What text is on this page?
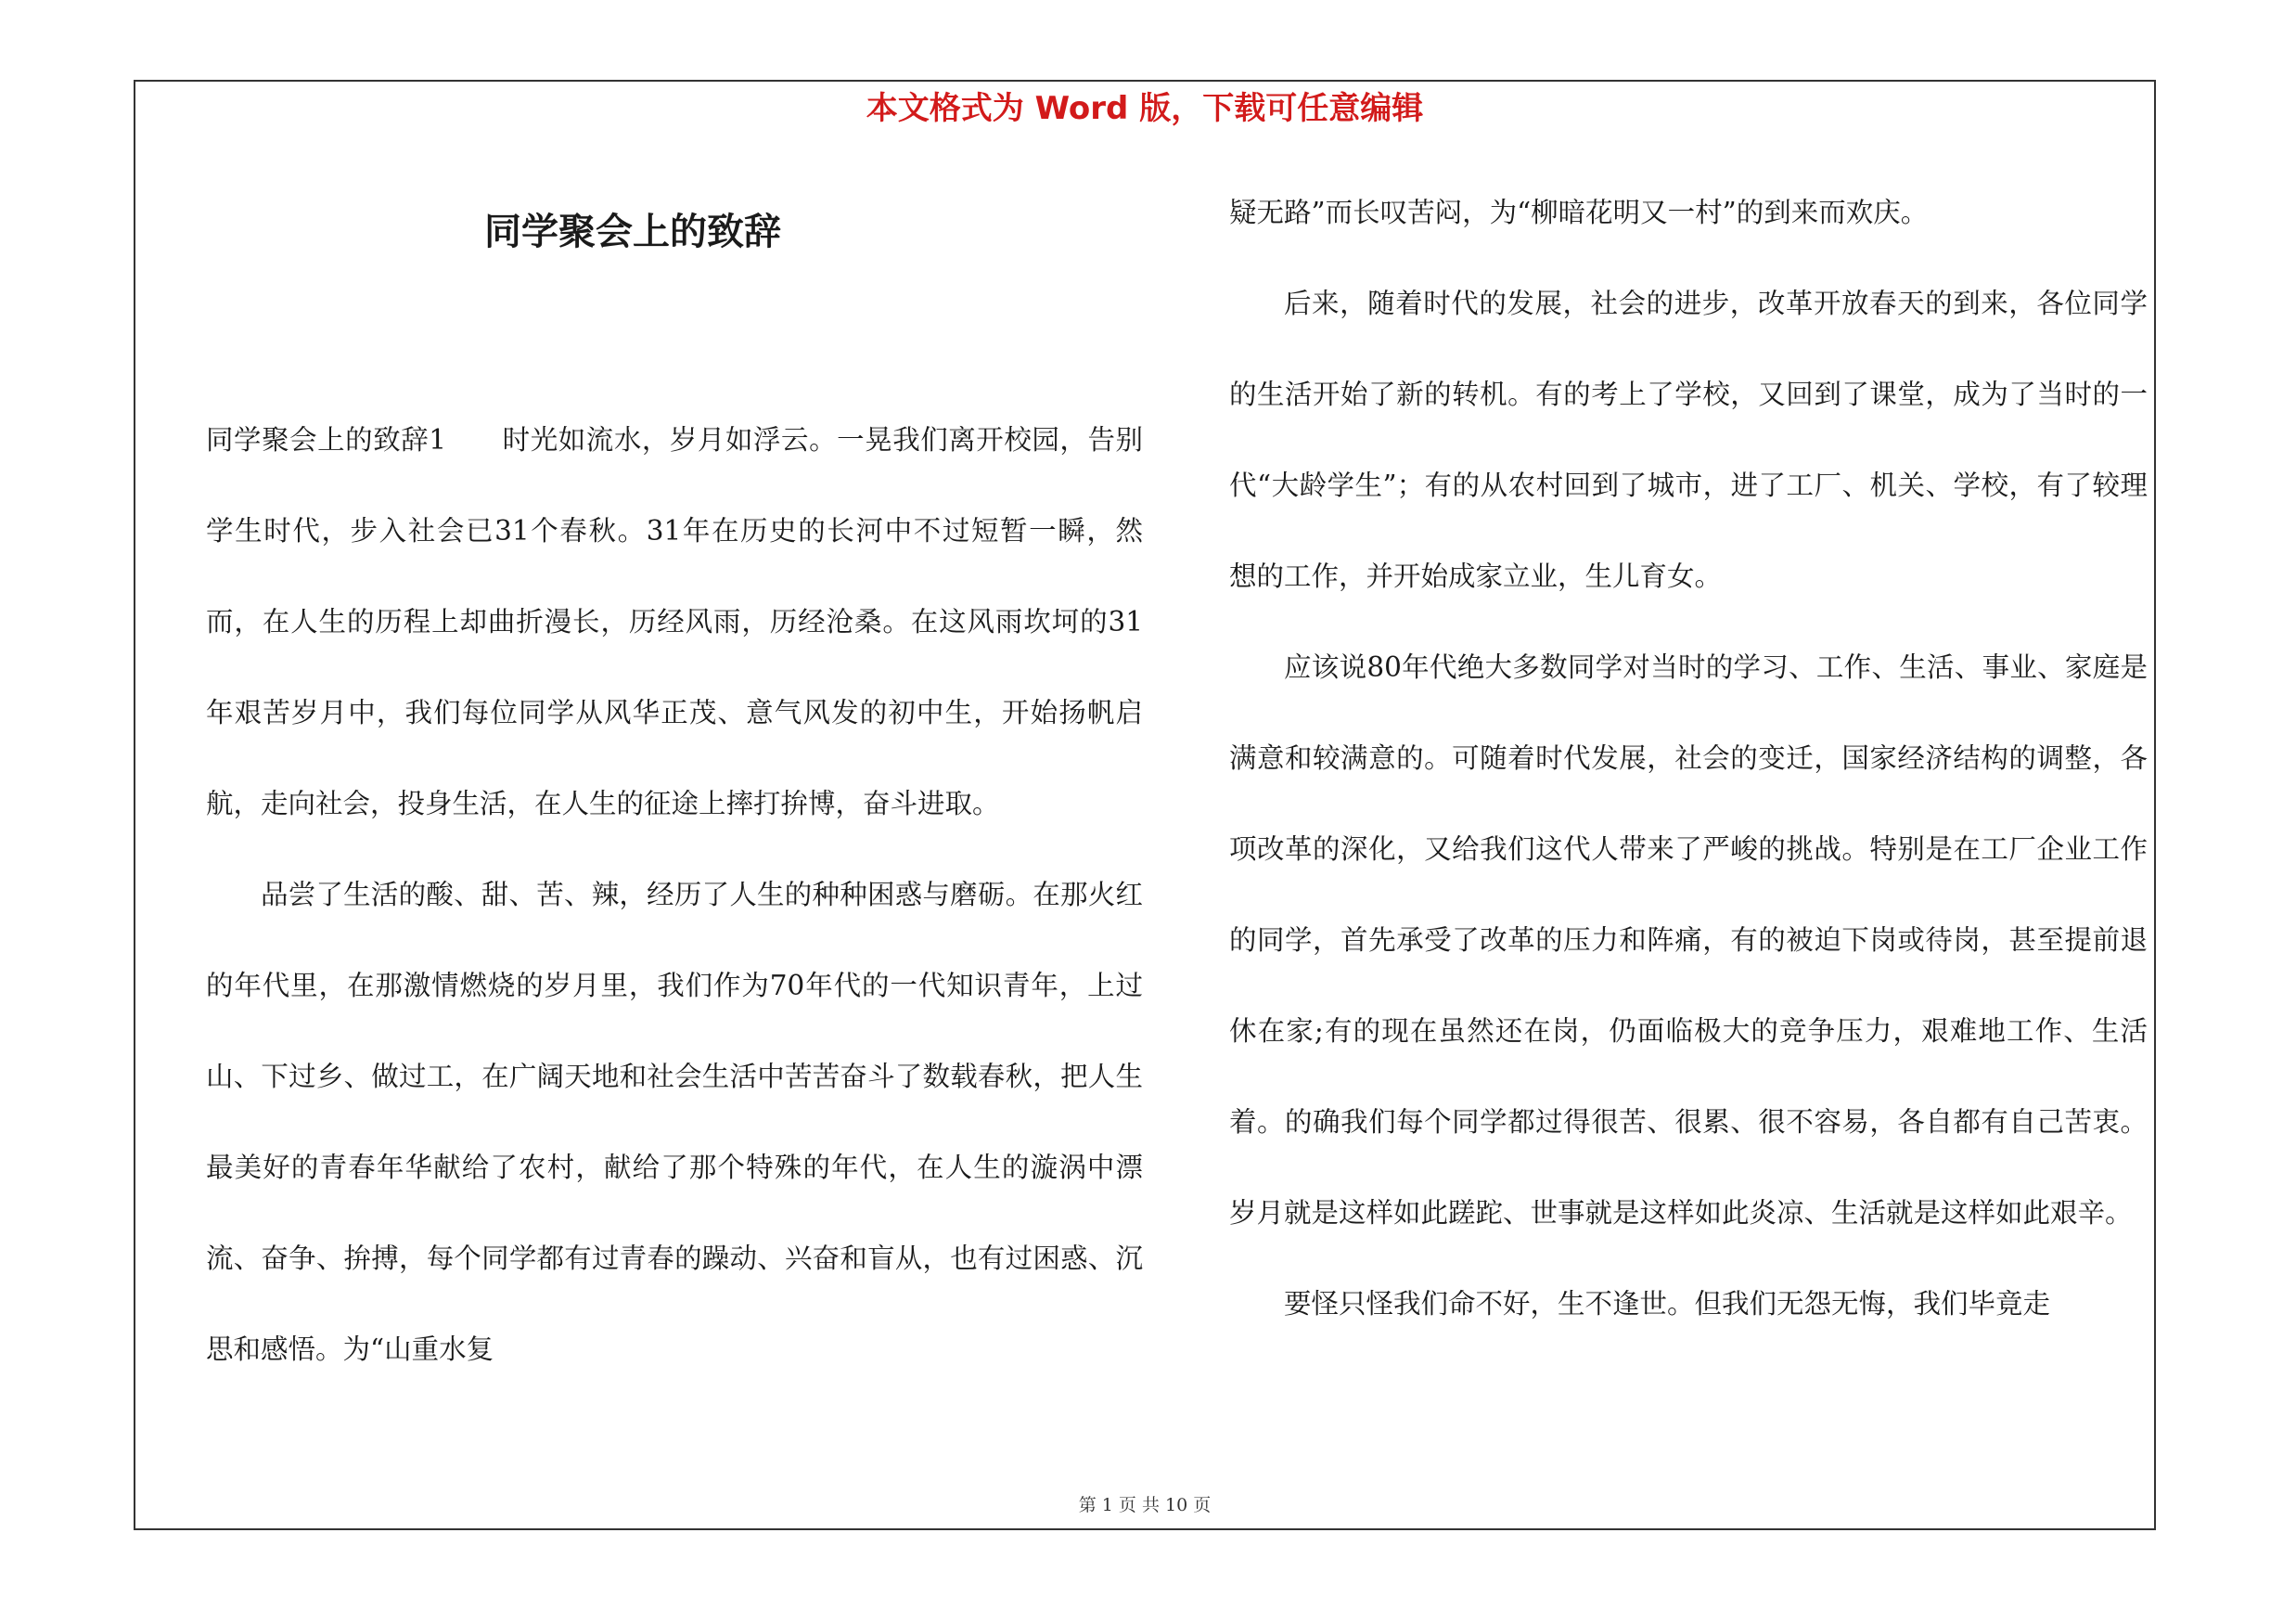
本文格式为 Word 版，下载可任意编辑
同学聚会上的致辞

同学聚会上的致辞1　　时光如流水，岁月如浮云。一晃我们离开校园，告别学生时代，步入社会已31个春秋。31年在历史的长河中不过短暂一瞬，然而，在人生的历程上却曲折漫长，历经风雨，历经沧桑。在这风雨坎坷的31年艰苦岁月中，我们每位同学从风华正茂、意气风发的初中生，开始扬帆启航，走向社会，投身生活，在人生的征途上摔打拚博，奋斗进取。

品尝了生活的酸、甜、苦、辣，经历了人生的种种困惑与磨砺。在那火红的年代里，在那激情燃烧的岁月里，我们作为70年代的一代知识青年，上过山、下过乡、做过工，在广阔天地和社会生活中苦苦奋斗了数载春秋，把人生最美好的青春年华献给了农村，献给了那个特殊的年代，在人生的漩涡中漂流、奋争、拚搏，每个同学都有过青春的躁动、兴奋和盲从，也有过困惑、沉思和感悟。为“山重水复

疑无路”而长叹苦闷，为“柳暗花明又一村”的到来而欢庆。

后来，随着时代的发展，社会的进步，改革开放春天的到来，各位同学的生活开始了新的转机。有的考上了学校，又回到了课堂，成为了当时的一代“大龄学生”；有的从农村回到了城市，进了工厂、机关、学校，有了较理想的工作，并开始成家立业，生儿育女。

应该说80年代绝大多数同学对当时的学习、工作、生活、事业、家庭是满意和较满意的。可随着时代发展，社会的变迁，国家经济结构的调整，各项改革的深化，又给我们这代人带来了严峻的挑战。特别是在工厂企业工作的同学，首先承受了改革的压力和阵痛，有的被迫下岗或待岗，甚至提前退休在家;有的现在虽然还在岗，仍面临极大的竞争压力，艰难地工作、生活着。的确我们每个同学都过得很苦、很累、很不容易，各自都有自己苦衷。岁月就是这样如此蹉跎、世事就是这样如此炎凉、生活就是这样如此艰辛。

要怪只怪我们命不好，生不逢世。但我们无怨无悔，我们毕竟走

第 1 页 共 10 页
